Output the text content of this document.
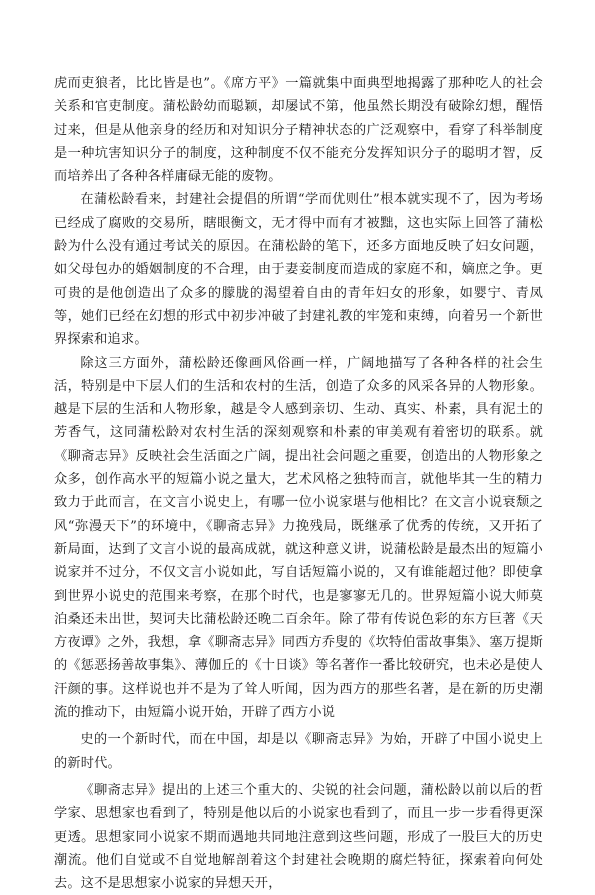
虎而吏狼者，比比皆是也”。《席方平》一篇就集中面典型地揭露了那种吃人的社会关系和官吏制度。蒲松龄幼而聪颖，却屡试不第，他虽然长期没有破除幻想，醒悟过来，但是从他亲身的经历和对知识分子精神状态的广泛观察中，看穿了科举制度是一种坑害知识分子的制度，这种制度不仅不能充分发挥知识分子的聪明才智，反而培养出了各种各样庸碌无能的废物。

在蒲松龄看来，封建社会提倡的所谓“学而优则仕”根本就实现不了，因为考场已经成了腐败的交易所，瞎眼衡文，无才得中而有才被黜，这也实际上回答了蒲松龄为什么没有通过考试关的原因。在蒲松龄的笔下，还多方面地反映了妇女问题，如父母包办的婚姻制度的不合理，由于妻妾制度而造成的家庭不和，嫡庶之争。更可贵的是他创造出了众多的朦胧的渴望着自由的青年妇女的形象，如婴宁、青凤等，她们已经在幻想的形式中初步冲破了封建礼教的牢笼和束缚，向着另一个新世界探索和追求。

除这三方面外，蒲松龄还像画风俗画一样，广阔地描写了各种各样的社会生活，特别是中下层人们的生活和农村的生活，创造了众多的风采各异的人物形象。越是下层的生活和人物形象，越是令人感到亲切、生动、真实、朴素，具有泥土的芳香气，这同蒲松龄对农村生活的深刻观察和朴素的审美观有着密切的联系。就《聊斋志异》反映社会生活面之广阔，提出社会问题之重要，创造出的人物形象之众多，创作高水平的短篇小说之量大，艺术风格之独特而言，就他毕其一生的精力致力于此而言，在文言小说史上，有哪一位小说家堪与他相比？在文言小说衰颓之风“弥漫天下”的环境中，《聊斋志异》力挽残局，既继承了优秀的传统，又开拓了新局面，达到了文言小说的最高成就，就这种意义讲，说蒲松龄是最杰出的短篇小说家并不过分，不仅文言小说如此，写自话短篇小说的，又有谁能超过他？即使拿到世界小说史的范围来考察，在那个时代，也是寥寥无几的。世界短篇小说大师莫泊桑还未出世，契诃夫比蒲松龄还晚二百余年。除了带有传说色彩的东方巨著《天方夜谭》之外，我想，拿《聊斋志异》同西方乔叟的《坎特伯雷故事集》、塞万提斯的《惩恶扬善故事集》、薄伽丘的《十日谈》等名著作一番比较研究，也未必是使人汗颜的事。这样说也并不是为了耸人听闻，因为西方的那些名著，是在新的历史潮流的推动下，由短篇小说开始，开辟了西方小说

史的一个新时代，而在中国，却是以《聊斋志异》为始，开辟了中国小说史上的新时代。

《聊斋志异》提出的上述三个重大的、尖锐的社会问题，蒲松龄以前以后的哲学家、思想家也看到了，特别是他以后的小说家也看到了，而且一步一步看得更深更透。思想家同小说家不期而遇地共同地注意到这些问题，形成了一股巨大的历史潮流。他们自觉或不自觉地解剖着这个封建社会晚期的腐烂特征，探索着向何处去。这不是思想家小说家的异想天开，
